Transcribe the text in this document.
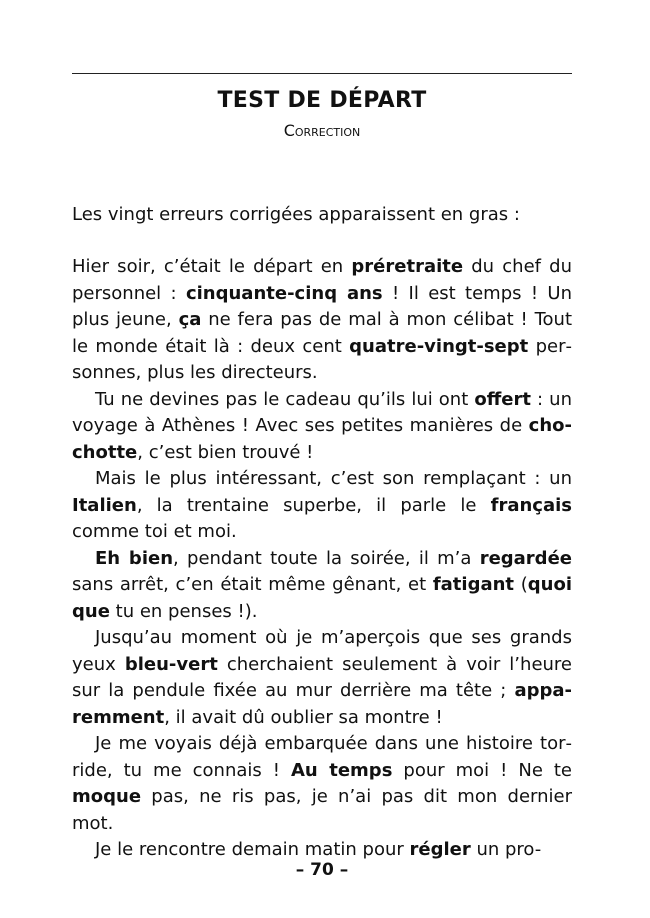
TEST DE DÉPART
Correction

Les vingt erreurs corrigées apparaissent en gras :

Hier soir, c’était le départ en préretraite du chef du personnel : cinquante-cinq ans ! Il est temps ! Un plus jeune, ça ne fera pas de mal à mon célibat ! Tout le monde était là : deux cent quatre-vingt-sept personnes, plus les directeurs.

Tu ne devines pas le cadeau qu’ils lui ont offert : un voyage à Athènes ! Avec ses petites manières de chochotte, c’est bien trouvé !

Mais le plus intéressant, c’est son remplaçant : un Italien, la trentaine superbe, il parle le français comme toi et moi.

Eh bien, pendant toute la soirée, il m’a regardée sans arrêt, c’en était même gênant, et fatigant (quoi que tu en penses !).

Jusqu’au moment où je m’aperçois que ses grands yeux bleu-vert cherchaient seulement à voir l’heure sur la pendule fixée au mur derrière ma tête ; apparemment, il avait dû oublier sa montre !

Je me voyais déjà embarquée dans une histoire torride, tu me connais ! Au temps pour moi ! Ne te moque pas, ne ris pas, je n’ai pas dit mon dernier mot.

Je le rencontre demain matin pour régler un pro-

– 70 –
